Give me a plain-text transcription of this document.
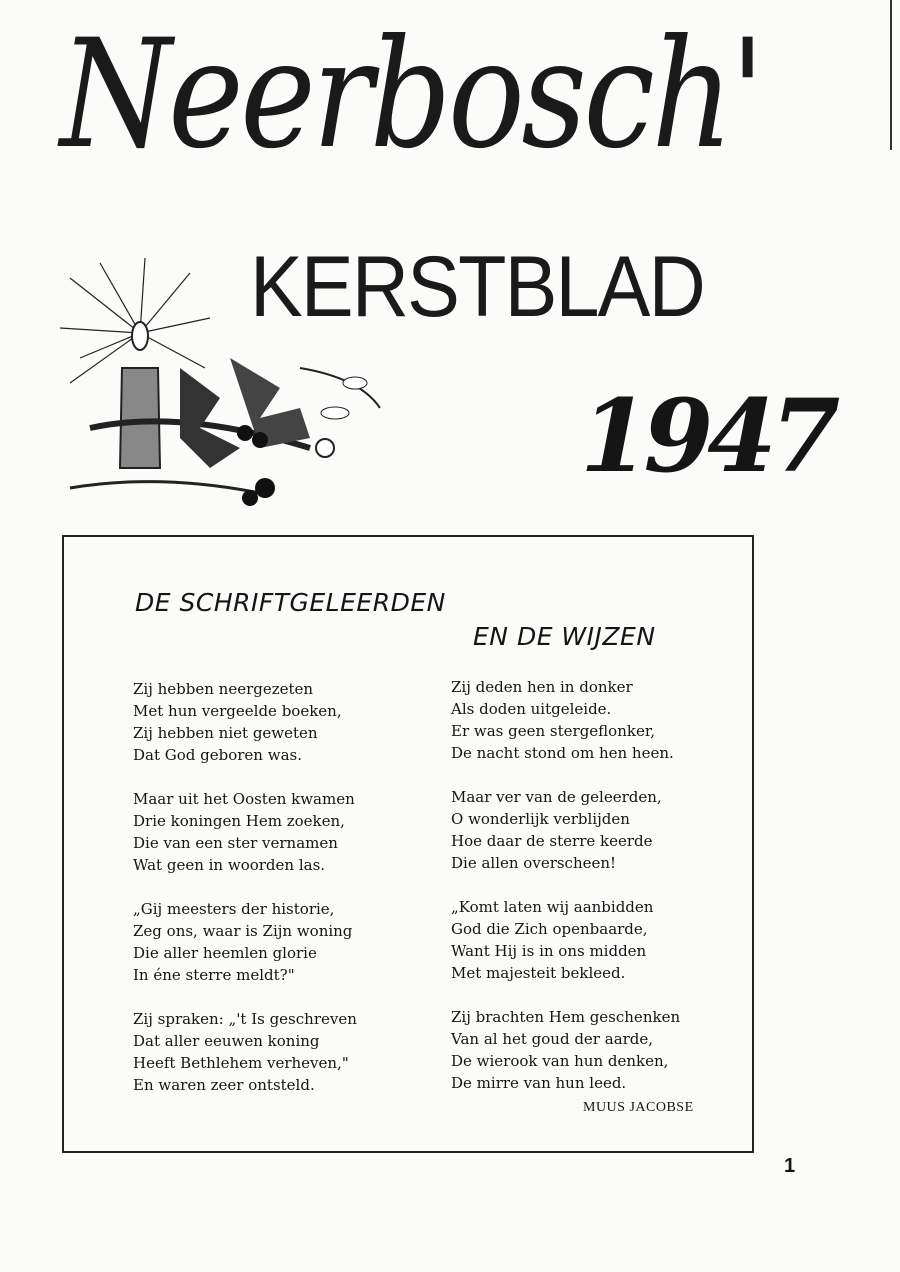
Neerbosch'
KERSTBLAD
1947
DE SCHRIFTGELEERDEN
EN DE WIJZEN
Zij hebben neergezeten
Met hun vergeelde boeken,
Zij hebben niet geweten
Dat God geboren was.
Maar uit het Oosten kwamen
Drie koningen Hem zoeken,
Die van een ster vernamen
Wat geen in woorden las.
„Gij meesters der historie,
Zeg ons, waar is Zijn woning
Die aller heemlen glorie
In éne sterre meldt?"
Zij spraken: „'t Is geschreven
Dat aller eeuwen koning
Heeft Bethlehem verheven,"
En waren zeer ontsteld.
Zij deden hen in donker
Als doden uitgeleide.
Er was geen stergeflonker,
De nacht stond om hen heen.
Maar ver van de geleerden,
O wonderlijk verblijden
Hoe daar de sterre keerde
Die allen overscheen!
„Komt laten wij aanbidden
God die Zich openbaarde,
Want Hij is in ons midden
Met majesteit bekleed.
Zij brachten Hem geschenken
Van al het goud der aarde,
De wierook van hun denken,
De mirre van hun leed.
MUUS JACOBSE
1
